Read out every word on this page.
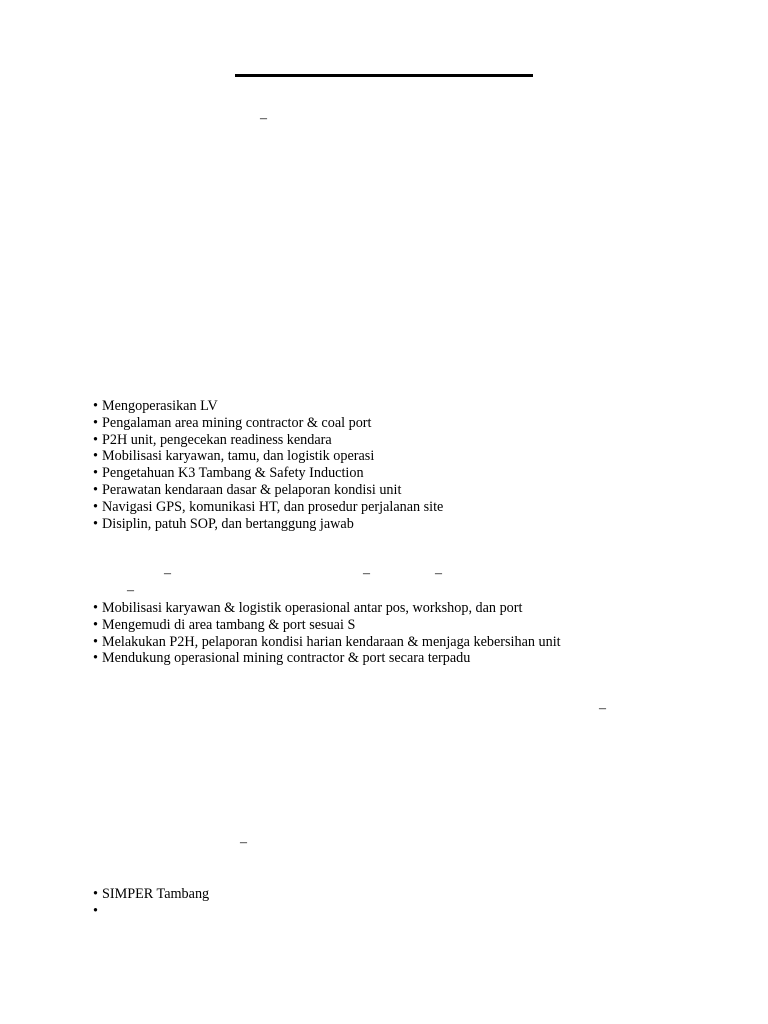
–
• Mengoperasikan LV
• Pengalaman area mining contractor & coal port
• P2H unit, pengecekan readiness kendara
• Mobilisasi karyawan, tamu, dan logistik operasi
• Pengetahuan K3 Tambang & Safety Induction
• Perawatan kendaraan dasar & pelaporan kondisi unit
• Navigasi GPS, komunikasi HT, dan prosedur perjalanan site
• Disiplin, patuh SOP, dan bertanggung jawab
–	–	–
–
• Mobilisasi karyawan & logistik operasional antar pos, workshop, dan port
• Mengemudi di area tambang & port sesuai S
• Melakukan P2H, pelaporan kondisi harian kendaraan & menjaga kebersihan unit
• Mendukung operasional mining contractor & port secara terpadu
–
–
• SIMPER Tambang
•
